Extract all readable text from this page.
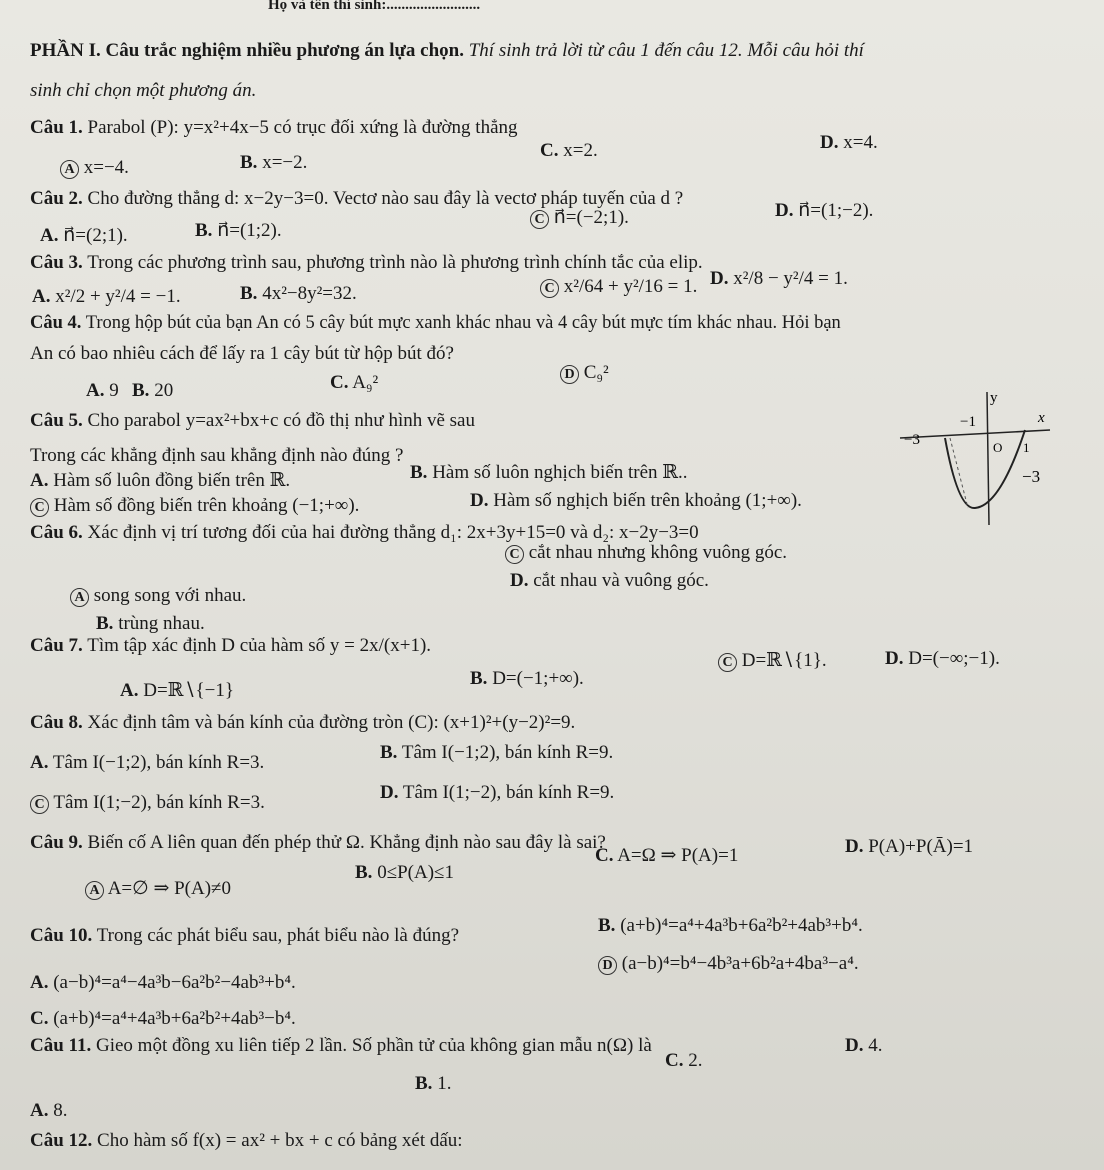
Họ và tên thí sinh:.........................
PHẦN I. Câu trắc nghiệm nhiều phương án lựa chọn. Thí sinh trả lời từ câu 1 đến câu 12. Mỗi câu hỏi thí
sinh chỉ chọn một phương án.
Câu 1. Parabol (P): y=x²+4x−5 có trục đối xứng là đường thẳng
A x=−4.	B. x=−2.
C. x=2.	D. x=4.
Câu 2. Cho đường thẳng d: x−2y−3=0. Vectơ nào sau đây là vectơ pháp tuyến của d ?
A. n⃗=(2;1).	B. n⃗=(1;2).
C n⃗=(−2;1).	D. n⃗=(1;−2).
Câu 3. Trong các phương trình sau, phương trình nào là phương trình chính tắc của elip.
A. x²/2 + y²/4 = −1.	B. 4x²−8y²=32.	C x²/64 + y²/16 = 1. D. x²/8 − y²/4 = 1.
Câu 4. Trong hộp bút của bạn An có 5 cây bút mực xanh khác nhau và 4 cây bút mực tím khác nhau. Hỏi bạn
An có bao nhiêu cách để lấy ra 1 cây bút từ hộp bút đó?
A. 9 B. 20	C. A₉²	D C₉²
Câu 5. Cho parabol y=ax²+bx+c có đồ thị như hình vẽ sau
Trong các khẳng định sau khẳng định nào đúng ?
A. Hàm số luôn đồng biến trên ℝ.	B. Hàm số luôn nghịch biến trên ℝ..
C Hàm số đồng biến trên khoảng (−1;+∞).	D. Hàm số nghịch biến trên khoảng (1;+∞).
y
x
O 1
−1
−3
−3
Câu 6. Xác định vị trí tương đối của hai đường thẳng d₁: 2x+3y+15=0 và d₂: x−2y−3=0
A song song với nhau.
B. trùng nhau.
C cắt nhau nhưng không vuông góc.
D. cắt nhau và vuông góc.
Câu 7. Tìm tập xác định D của hàm số y = 2x/(x+1).
A. D=ℝ∖{−1}
B. D=(−1;+∞).
C D=ℝ∖{1}.	D. D=(−∞;−1).
Câu 8. Xác định tâm và bán kính của đường tròn (C): (x+1)²+(y−2)²=9.
A. Tâm I(−1;2), bán kính R=3.	B. Tâm I(−1;2), bán kính R=9.
C Tâm I(1;−2), bán kính R=3.	D. Tâm I(1;−2), bán kính R=9.
Câu 9. Biến cố A liên quan đến phép thử Ω. Khẳng định nào sau đây là sai?
A A=∅ ⇒ P(A)≠0
B. 0≤P(A)≤1
C. A=Ω ⇒ P(A)=1	D. P(A)+P(Ā)=1
Câu 10. Trong các phát biểu sau, phát biểu nào là đúng?
A. (a−b)⁴=a⁴−4a³b−6a²b²−4ab³+b⁴.
B. (a+b)⁴=a⁴+4a³b+6a²b²+4ab³+b⁴.
C. (a+b)⁴=a⁴+4a³b+6a²b²+4ab³−b⁴.
D (a−b)⁴=b⁴−4b³a+6b²a+4ba³−a⁴.
Câu 11. Gieo một đồng xu liên tiếp 2 lần. Số phần tử của không gian mẫu n(Ω) là
A. 8.
B. 1.
C. 2.
D. 4.
Câu 12. Cho hàm số f(x) = ax² + bx + c có bảng xét dấu:
